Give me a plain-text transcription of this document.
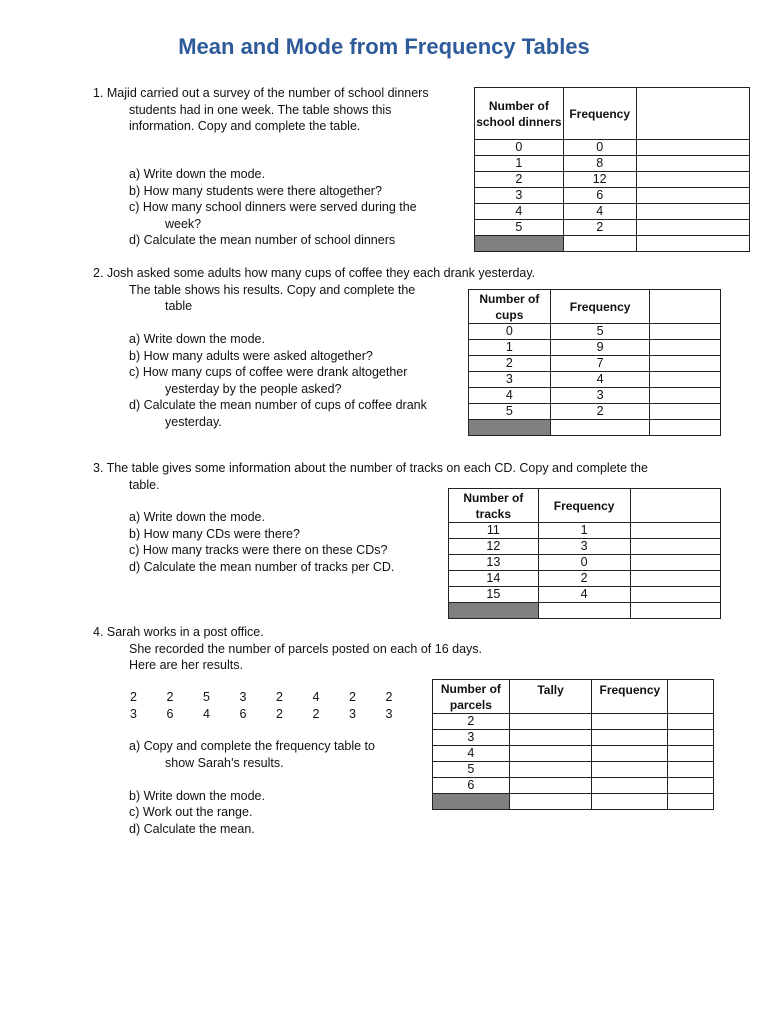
Mean and Mode from Frequency Tables
1. Majid carried out a survey of the number of school dinners
students had in one week. The table shows this
information. Copy and complete the table.
a) Write down the mode.
b) How many students were there altogether?
c) How many school dinners were served during the
week?
d) Calculate the mean number of school dinners
Number of school dinners	Frequency	
0	0	
1	8	
2	12	
3	6	
4	4	
5	2	

2. Josh asked some adults how many cups of coffee they each drank yesterday.
The table shows his results. Copy and complete the
table
a) Write down the mode.
b) How many adults were asked altogether?
c) How many cups of coffee were drank altogether
yesterday by the people asked?
d) Calculate the mean number of cups of coffee drank
yesterday.
Number of cups	Frequency	
0	5	
1	9	
2	7	
3	4	
4	3	
5	2	

3. The table gives some information about the number of tracks on each CD. Copy and complete the
table.
a) Write down the mode.
b) How many CDs were there?
c) How many tracks were there on these CDs?
d) Calculate the mean number of tracks per CD.
Number of tracks	Frequency	
11	1	
12	3	
13	0	
14	2	
15	4	

4. Sarah works in a post office.
She recorded the number of parcels posted on each of 16 days.
Here are her results.
2 2 5 3 2 4 2 2
3 6 4 6 2 2 3 3
a) Copy and complete the frequency table to
show Sarah’s results.
b) Write down the mode.
c) Work out the range.
d) Calculate the mean.
Number of parcels	Tally	Frequency	
2			
3			
4			
5			
6			
